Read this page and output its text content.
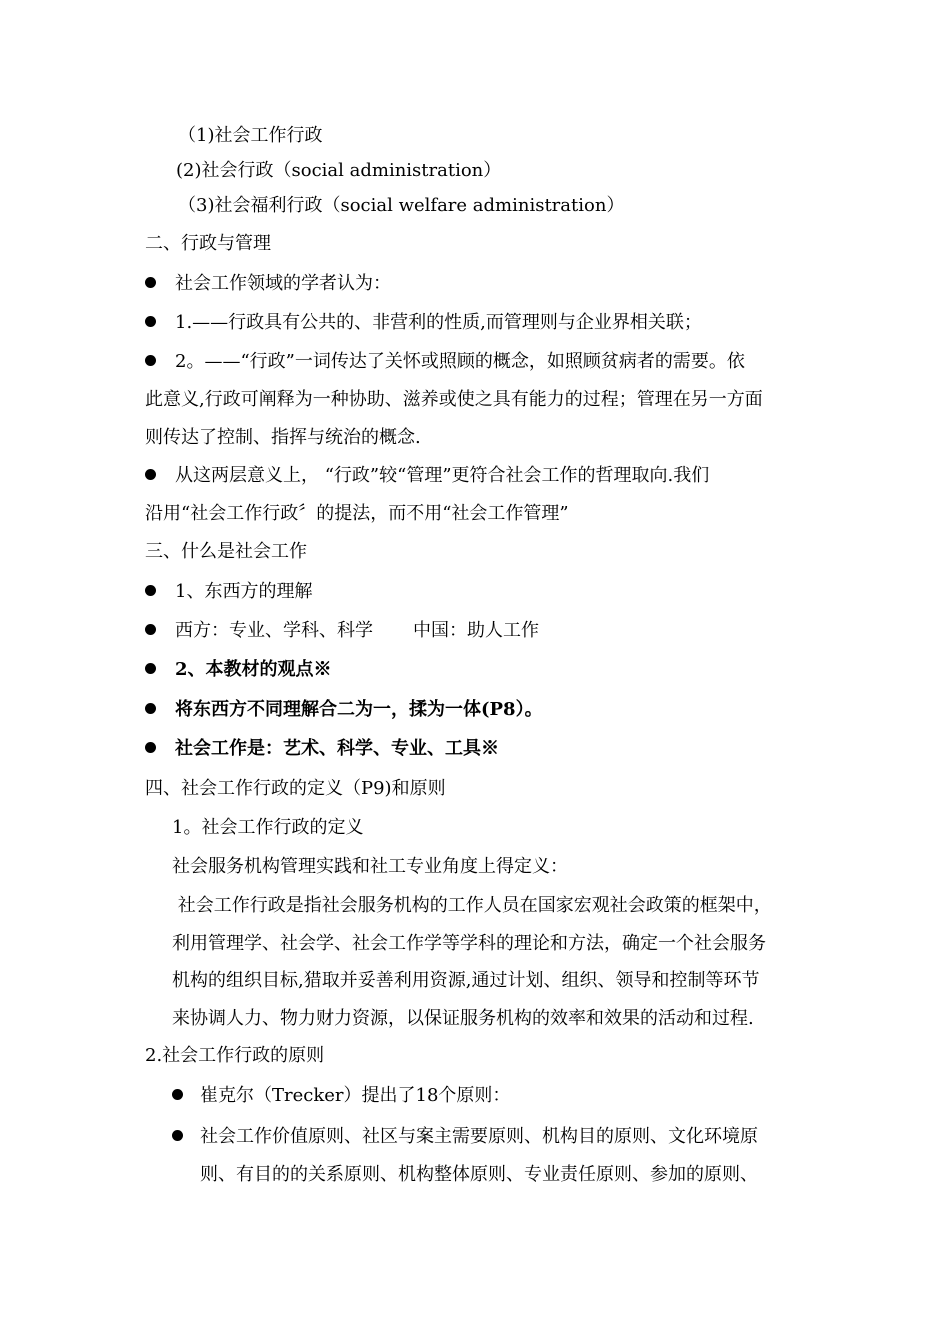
（1)社会工作行政
(2)社会行政（social administration）
（3)社会福利行政（social welfare administration）
二、行政与管理
社会工作领域的学者认为：
1.——行政具有公共的、非营利的性质,而管理则与企业界相关联；
2。——“行政”一词传达了关怀或照顾的概念，如照顾贫病者的需要。依
此意义,行政可阐释为一种协助、滋养或使之具有能力的过程；管理在另一方面
则传达了控制、指挥与统治的概念.
从这两层意义上， “行政”较“管理”更符合社会工作的哲理取向.我们
沿用“社会工作行政〞的提法，而不用“社会工作管理”
三、什么是社会工作
1、东西方的理解
西方：专业、学科、科学       中国：助人工作
2、本教材的观点※
将东西方不同理解合二为一，揉为一体(P8）。
社会工作是：艺术、科学、专业、工具※
四、社会工作行政的定义（P9)和原则
1。社会工作行政的定义
社会服务机构管理实践和社工专业角度上得定义：
社会工作行政是指社会服务机构的工作人员在国家宏观社会政策的框架中，
利用管理学、社会学、社会工作学等学科的理论和方法，确定一个社会服务
机构的组织目标,猎取并妥善利用资源,通过计划、组织、领导和控制等环节
来协调人力、物力财力资源，以保证服务机构的效率和效果的活动和过程.
2.社会工作行政的原则
崔克尔（Trecker）提出了18个原则：
社会工作价值原则、社区与案主需要原则、机构目的原则、文化环境原
则、有目的的关系原则、机构整体原则、专业责任原则、参加的原则、
